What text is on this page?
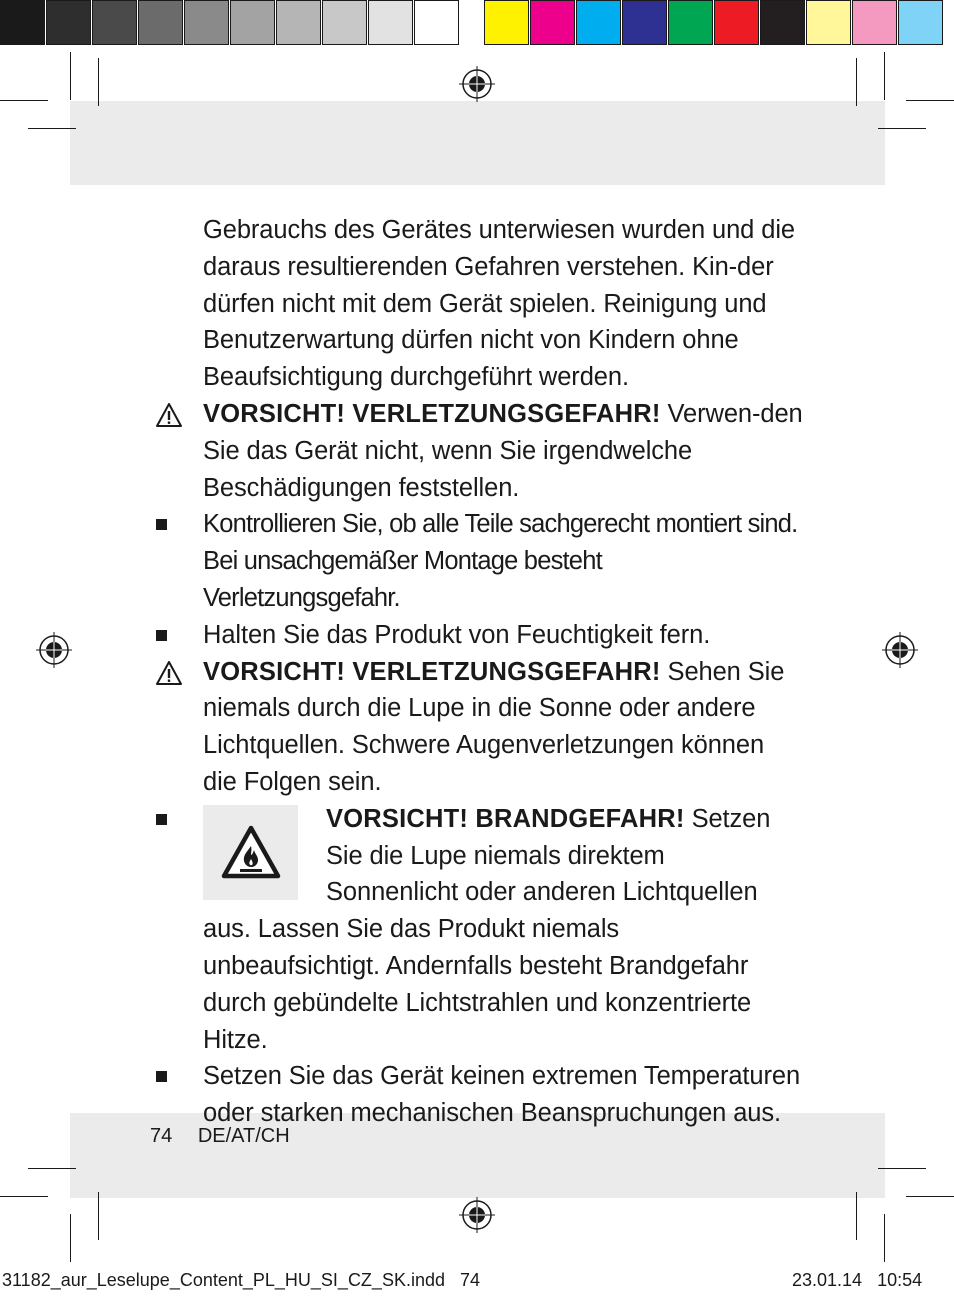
Gebrauchs des Gerätes unterwiesen wurden und die daraus resultierenden Gefahren verstehen. Kin-der dürfen nicht mit dem Gerät spielen. Reinigung und Benutzerwartung dürfen nicht von Kindern ohne Beaufsichtigung durchgeführt werden.

VORSICHT! VERLETZUNGSGEFAHR! Verwen-den Sie das Gerät nicht, wenn Sie irgendwelche Beschädigungen feststellen.
Kontrollieren Sie, ob alle Teile sachgerecht montiert sind. Bei unsachgemäßer Montage besteht Verletzungsgefahr.
Halten Sie das Produkt von Feuchtigkeit fern.
VORSICHT! VERLETZUNGSGEFAHR! Sehen Sie niemals durch die Lupe in die Sonne oder andere Lichtquellen. Schwere Augenverletzungen können die Folgen sein.
VORSICHT! BRANDGEFAHR! Setzen Sie die Lupe niemals direktem Sonnenlicht oder anderen Lichtquellen aus. Lassen Sie das Produkt niemals unbeaufsichtigt. Andernfalls besteht Brandgefahr durch gebündelte Lichtstrahlen und konzentrierte Hitze.
Setzen Sie das Gerät keinen extremen Temperaturen oder starken mechanischen Beanspruchungen aus.
74 DE/AT/CH
31182_aur_Leselupe_Content_PL_HU_SI_CZ_SK.indd   74	23.01.14   10:54
